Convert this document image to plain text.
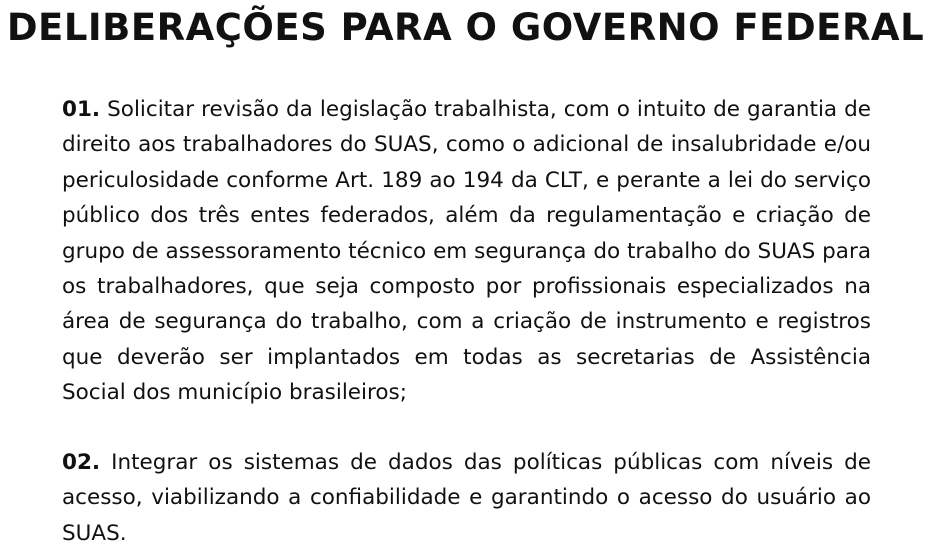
DELIBERAÇÕES PARA O GOVERNO FEDERAL

01. Solicitar revisão da legislação trabalhista, com o intuito de garantia de direito aos trabalhadores do SUAS, como o adicional de insalubridade e/ou periculosidade conforme Art. 189 ao 194 da CLT, e perante a lei do serviço público dos três entes federados, além da regulamentação e criação de grupo de assessoramento técnico em segurança do trabalho do SUAS para os trabalhadores, que seja composto por profissionais especializados na área de segurança do trabalho, com a criação de instrumento e registros que deverão ser implantados em todas as secretarias de Assistência Social dos município brasileiros;

02. Integrar os sistemas de dados das políticas públicas com níveis de acesso, viabilizando a confiabilidade e garantindo o acesso do usuário ao SUAS.
